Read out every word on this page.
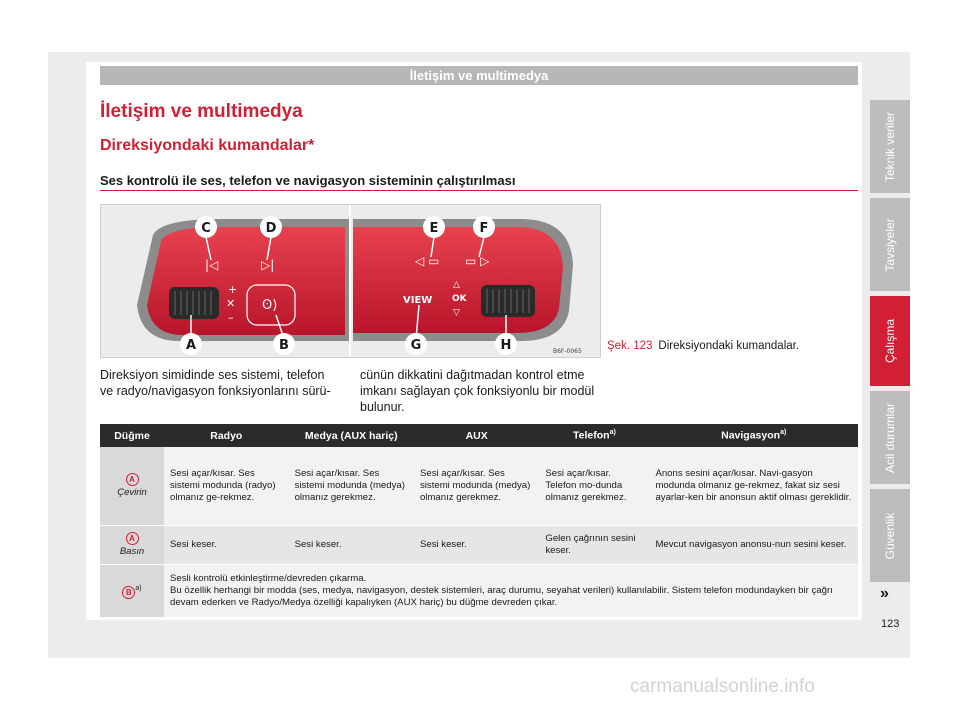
İletişim ve multimedya
İletişim ve multimedya
Direksiyondaki kumandalar*
Ses kontrolü ile ses, telefon ve navigasyon sisteminin çalıştırılması
|◁	▷|
+
✕
–
ʘ)
◁ ▭ ▭ ▷
VIEW
△
OK
▽
C	D
A	B
E	F
G	H	B6F-0065 Şek. 123 Direksiyondaki kumandalar.
Direksiyon simidinde ses sistemi, telefon ve radyo/navigasyon fonksiyonlarını sürü-
cünün dikkatini dağıtmadan kontrol etme imkanı sağlayan çok fonksiyonlu bir modül bulunur.
Düğme	Radyo	Medya (AUX hariç)	AUX	Telefon$^{a)}$	Navigasyon$^{a)}$
A
Çevirin	Sesi açar/kısar. Ses sistemi modunda (radyo) olmanız ge-rekmez.	Sesi açar/kısar. Ses sistemi modunda (medya) olmanız gerekmez.	Sesi açar/kısar. Ses sistemi modunda (medya) olmanız gerekmez.	Sesi açar/kısar. Telefon mo-dunda olmanız gerekmez.	Anons sesini açar/kısar. Navi-gasyon modunda olmanız ge-rekmez, fakat siz sesi ayarlar-ken bir anonsun aktif olması gereklidir.
A
Basın	Sesi keser.	Sesi keser.	Sesi keser.	Gelen çağrının sesini keser.	Mevcut navigasyon anonsu-nun sesini keser.
B $^{a)}$	Sesli kontrolü etkinleştirme/devreden çıkarma.
Bu özellik herhangi bir modda (ses, medya, navigasyon, destek sistemleri, araç durumu, seyahat verileri) kullanılabilir. Sistem telefon modundayken bir çağrı devam ederken ve Radyo/Medya özelliği kapalıyken (AUX hariç) bu düğme devreden çıkar.				
Teknik veriler
Tavsiyeler
Çalışma
Acil durumlar
Güvenlik
»
123
carmanualsonline.info
